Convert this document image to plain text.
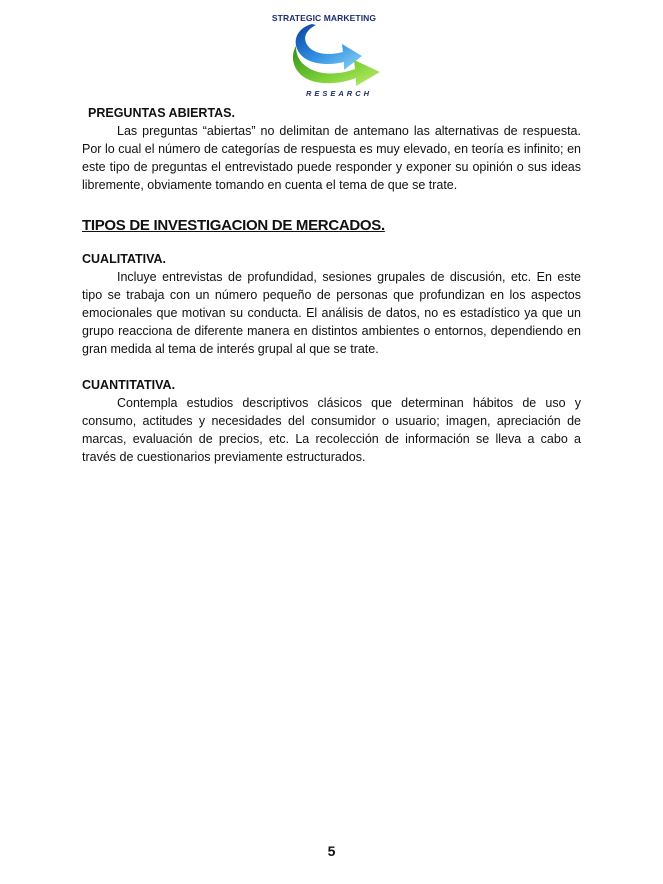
STRATEGIC MARKETING
RESEARCH

PREGUNTAS ABIERTAS.

Las preguntas “abiertas” no delimitan de antemano las alternativas de respuesta. Por lo cual el número de categorías de respuesta es muy elevado, en teoría es infinito; en este tipo de preguntas el entrevistado puede responder y exponer su opinión o sus ideas libremente, obviamente tomando en cuenta el tema de que se trate.

TIPOS DE INVESTIGACION DE MERCADOS.

CUALITATIVA.

Incluye entrevistas de profundidad, sesiones grupales de discusión, etc. En este tipo se trabaja con un número pequeño de personas que profundizan en los aspectos emocionales que motivan su conducta. El análisis de datos, no es estadístico ya que un grupo reacciona de diferente manera en distintos ambientes o entornos, dependiendo en gran medida al tema de interés grupal al que se trate.

CUANTITATIVA.

Contempla estudios descriptivos clásicos que determinan hábitos de uso y consumo, actitudes y necesidades del consumidor o usuario; imagen, apreciación de marcas, evaluación de precios, etc. La recolección de información se lleva a cabo a través de cuestionarios previamente estructurados.

5
